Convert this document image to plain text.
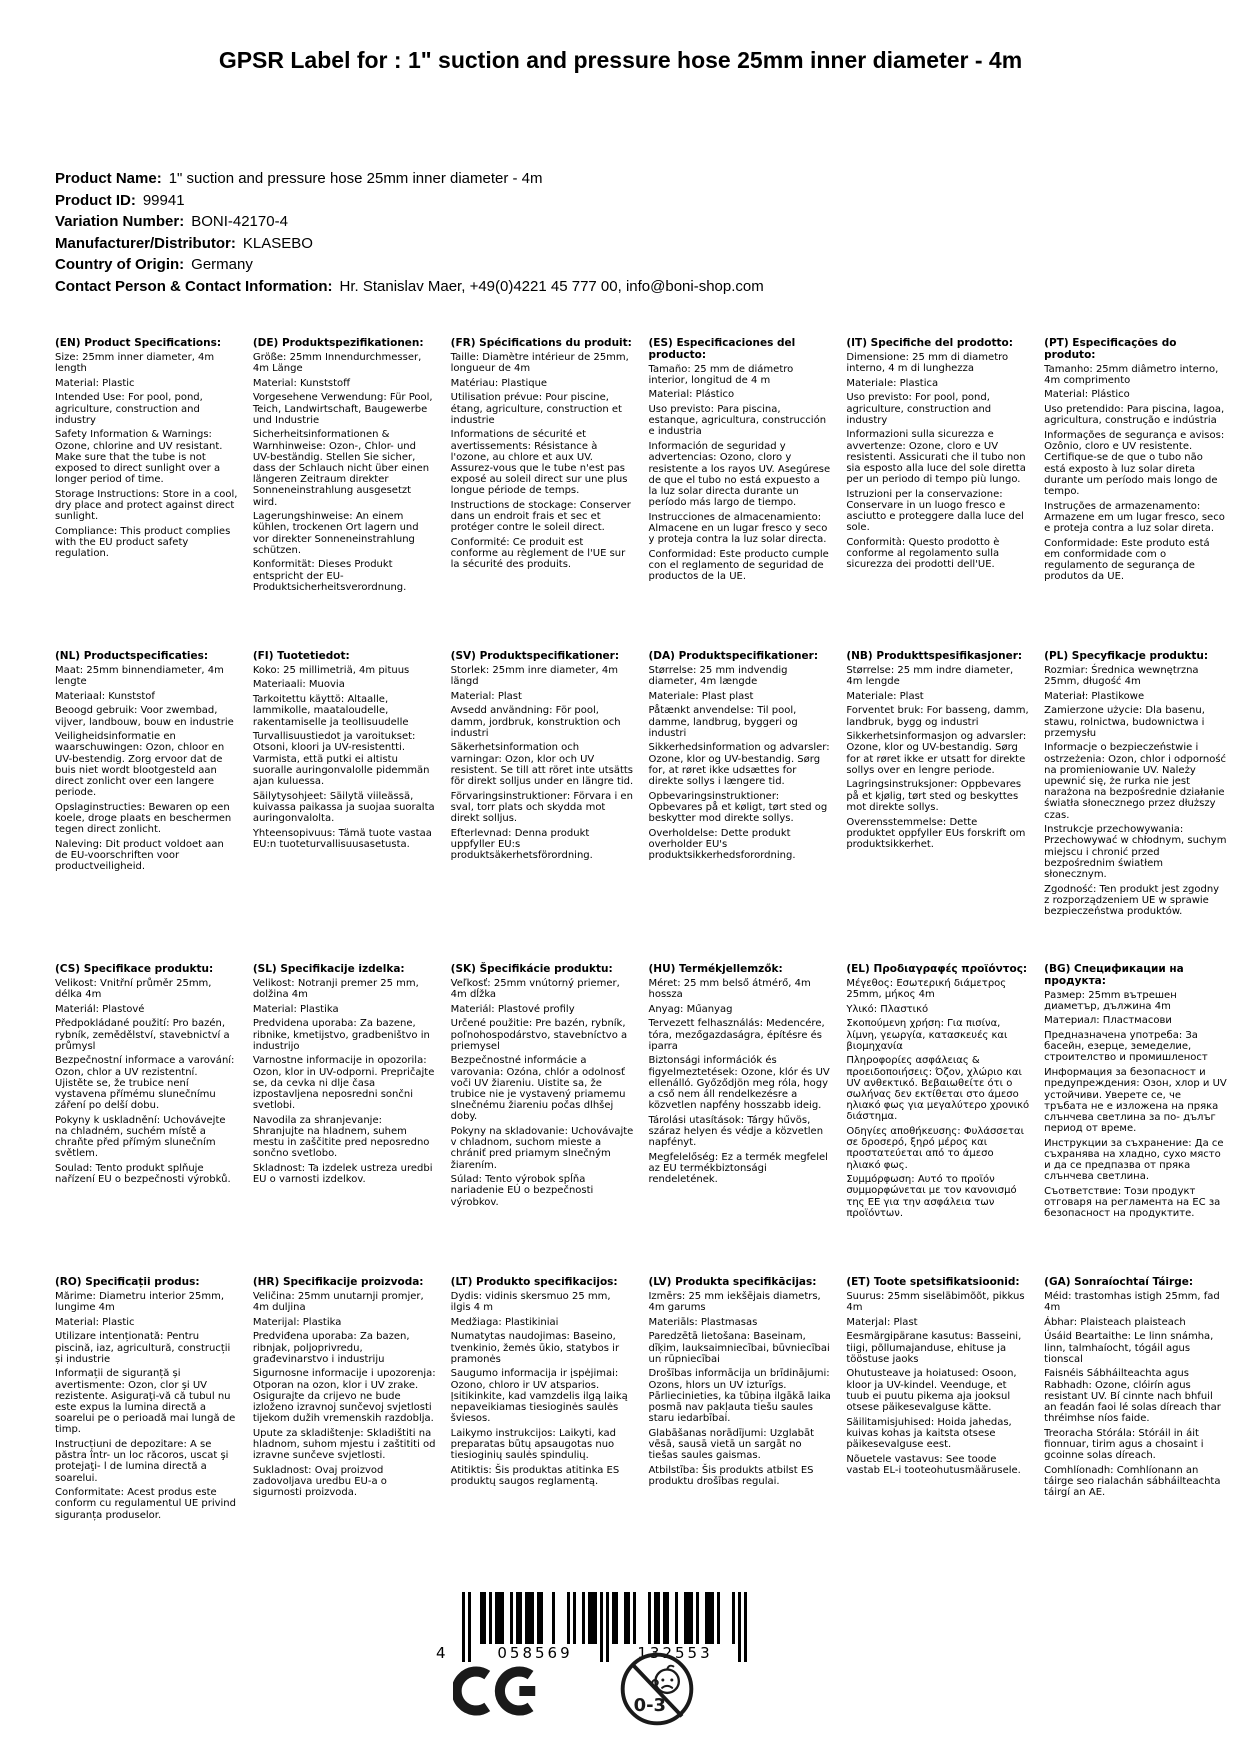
GPSR Label for : 1" suction and pressure hose 25mm inner diameter - 4m
Product Name: 1" suction and pressure hose 25mm inner diameter - 4m
Product ID: 99941
Variation Number: BONI-42170-4
Manufacturer/Distributor: KLASEBO
Country of Origin: Germany
Contact Person & Contact Information: Hr. Stanislav Maer, +49(0)4221 45 777 00, info@boni-shop.com
(EN) Product Specifications:

Size: 25mm inner diameter, 4m length

Material: Plastic

Intended Use: For pool, pond, agriculture, construction and industry

Safety Information & Warnings: Ozone, chlorine and UV resistant. Make sure that the tube is not exposed to direct sunlight over a longer period of time.

Storage Instructions: Store in a cool, dry place and protect against direct sunlight.

Compliance: This product complies with the EU product safety regulation.

(DE) Produktspezifikationen:

Größe: 25mm Innendurchmesser, 4m Länge

Material: Kunststoff

Vorgesehene Verwendung: Für Pool, Teich, Landwirtschaft, Baugewerbe und Industrie

Sicherheitsinformationen & Warnhinweise: Ozon-, Chlor- und UV-beständig. Stellen Sie sicher, dass der Schlauch nicht über einen längeren Zeitraum direkter Sonneneinstrahlung ausgesetzt wird.

Lagerungshinweise: An einem kühlen, trockenen Ort lagern und vor direkter Sonneneinstrahlung schützen.

Konformität: Dieses Produkt entspricht der EU-Produktsicherheitsverordnung.

(FR) Spécifications du produit:

Taille: Diamètre intérieur de 25mm, longueur de 4m

Matériau: Plastique

Utilisation prévue: Pour piscine, étang, agriculture, construction et industrie

Informations de sécurité et avertissements: Résistance à l'ozone, au chlore et aux UV. Assurez-vous que le tube n'est pas exposé au soleil direct sur une plus longue période de temps.

Instructions de stockage: Conserver dans un endroit frais et sec et protéger contre le soleil direct.

Conformité: Ce produit est conforme au règlement de l'UE sur la sécurité des produits.

(ES) Especificaciones del producto:

Tamaño: 25 mm de diámetro interior, longitud de 4 m

Material: Plástico

Uso previsto: Para piscina, estanque, agricultura, construcción e industria

Información de seguridad y advertencias: Ozono, cloro y resistente a los rayos UV. Asegúrese de que el tubo no está expuesto a la luz solar directa durante un período más largo de tiempo.

Instrucciones de almacenamiento: Almacene en un lugar fresco y seco y proteja contra la luz solar directa.

Conformidad: Este producto cumple con el reglamento de seguridad de productos de la UE.

(IT) Specifiche del prodotto:

Dimensione: 25 mm di diametro interno, 4 m di lunghezza

Materiale: Plastica

Uso previsto: For pool, pond, agriculture, construction and industry

Informazioni sulla sicurezza e avvertenze: Ozone, cloro e UV resistenti. Assicurati che il tubo non sia esposto alla luce del sole diretta per un periodo di tempo più lungo.

Istruzioni per la conservazione: Conservare in un luogo fresco e asciutto e proteggere dalla luce del sole.

Conformità: Questo prodotto è conforme al regolamento sulla sicurezza dei prodotti dell'UE.

(PT) Especificações do produto:

Tamanho: 25mm diâmetro interno, 4m comprimento

Material: Plástico

Uso pretendido: Para piscina, lagoa, agricultura, construção e indústria

Informações de segurança e avisos: Ozônio, cloro e UV resistente. Certifique-se de que o tubo não está exposto à luz solar direta durante um período mais longo de tempo.

Instruções de armazenamento: Armazene em um lugar fresco, seco e proteja contra a luz solar direta.

Conformidade: Este produto está em conformidade com o regulamento de segurança de produtos da UE.

(NL) Productspecificaties:

Maat: 25mm binnendiameter, 4m lengte

Materiaal: Kunststof

Beoogd gebruik: Voor zwembad, vijver, landbouw, bouw en industrie

Veiligheidsinformatie en waarschuwingen: Ozon, chloor en UV-bestendig. Zorg ervoor dat de buis niet wordt blootgesteld aan direct zonlicht over een langere periode.

Opslaginstructies: Bewaren op een koele, droge plaats en beschermen tegen direct zonlicht.

Naleving: Dit product voldoet aan de EU-voorschriften voor productveiligheid.

(FI) Tuotetiedot:

Koko: 25 millimetriä, 4m pituus

Materiaali: Muovia

Tarkoitettu käyttö: Altaalle, lammikolle, maataloudelle, rakentamiselle ja teollisuudelle

Turvallisuustiedot ja varoitukset: Otsoni, kloori ja UV-resistentti. Varmista, että putki ei altistu suoralle auringonvalolle pidemmän ajan kuluessa.

Säilytysohjeet: Säilytä viileässä, kuivassa paikassa ja suojaa suoralta auringonvalolta.

Yhteensopivuus: Tämä tuote vastaa EU:n tuoteturvallisuusasetusta.

(SV) Produktspecifikationer:

Storlek: 25mm inre diameter, 4m längd

Material: Plast

Avsedd användning: För pool, damm, jordbruk, konstruktion och industri

Säkerhetsinformation och varningar: Ozon, klor och UV resistent. Se till att röret inte utsätts för direkt solljus under en längre tid.

Förvaringsinstruktioner: Förvara i en sval, torr plats och skydda mot direkt solljus.

Efterlevnad: Denna produkt uppfyller EU:s produktsäkerhetsförordning.

(DA) Produktspecifikationer:

Størrelse: 25 mm indvendig diameter, 4m længde

Materiale: Plast plast

Påtænkt anvendelse: Til pool, damme, landbrug, byggeri og industri

Sikkerhedsinformation og advarsler: Ozone, klor og UV-bestandig. Sørg for, at røret ikke udsættes for direkte sollys i længere tid.

Opbevaringsinstruktioner: Opbevares på et køligt, tørt sted og beskytter mod direkte sollys.

Overholdelse: Dette produkt overholder EU's produktsikkerhedsforordning.

(NB) Produkttspesifikasjoner:

Størrelse: 25 mm indre diameter, 4m lengde

Materiale: Plast

Forventet bruk: For basseng, damm, landbruk, bygg og industri

Sikkerhetsinformasjon og advarsler: Ozone, klor og UV-bestandig. Sørg for at røret ikke er utsatt for direkte sollys over en lengre periode.

Lagringsinstruksjoner: Oppbevares på et kjølig, tørt sted og beskyttes mot direkte sollys.

Overensstemmelse: Dette produktet oppfyller EUs forskrift om produktsikkerhet.

(PL) Specyfikacje produktu:

Rozmiar: Średnica wewnętrzna 25mm, długość 4m

Materiał: Plastikowe

Zamierzone użycie: Dla basenu, stawu, rolnictwa, budownictwa i przemysłu

Informacje o bezpieczeństwie i ostrzeżenia: Ozon, chlor i odporność na promieniowanie UV. Należy upewnić się, że rurka nie jest narażona na bezpośrednie działanie światła słonecznego przez dłuższy czas.

Instrukcje przechowywania: Przechowywać w chłodnym, suchym miejscu i chronić przed bezpośrednim światłem słonecznym.

Zgodność: Ten produkt jest zgodny z rozporządzeniem UE w sprawie bezpieczeństwa produktów.

(CS) Specifikace produktu:

Velikost: Vnitřní průměr 25mm, délka 4m

Materiál: Plastové

Předpokládané použití: Pro bazén, rybník, zemědělství, stavebnictví a průmysl

Bezpečnostní informace a varování: Ozon, chlor a UV rezistentní. Ujistěte se, že trubice není vystavena přímému slunečnímu záření po delší dobu.

Pokyny k uskladnění: Uchovávejte na chladném, suchém místě a chraňte před přímým slunečním světlem.

Soulad: Tento produkt splňuje nařízení EU o bezpečnosti výrobků.

(SL) Specifikacije izdelka:

Velikost: Notranji premer 25 mm, dolžina 4m

Material: Plastika

Predvidena uporaba: Za bazene, ribnike, kmetijstvo, gradbeništvo in industrijo

Varnostne informacije in opozorila: Ozon, klor in UV-odporni. Prepričajte se, da cevka ni dlje časa izpostavljena neposredni sončni svetlobi.

Navodila za shranjevanje: Shranjujte na hladnem, suhem mestu in zaščitite pred neposredno sončno svetlobo.

Skladnost: Ta izdelek ustreza uredbi EU o varnosti izdelkov.

(SK) Špecifikácie produktu:

Veľkosť: 25mm vnútorný priemer, 4m dĺžka

Materiál: Plastové profily

Určené použitie: Pre bazén, rybník, poľnohospodárstvo, stavebníctvo a priemysel

Bezpečnostné informácie a varovania: Ozóna, chlór a odolnosť voči UV žiareniu. Uistite sa, že trubice nie je vystavený priamemu slnečnému žiareniu počas dlhšej doby.

Pokyny na skladovanie: Uchovávajte v chladnom, suchom mieste a chrániť pred priamym slnečným žiarením.

Súlad: Tento výrobok spĺňa nariadenie EÚ o bezpečnosti výrobkov.

(HU) Termékjellemzők:

Méret: 25 mm belső átmérő, 4m hossza

Anyag: Műanyag

Tervezett felhasználás: Medencére, tóra, mezőgazdaságra, építésre és iparra

Biztonsági információk és figyelmeztetések: Ozone, klór és UV ellenálló. Győződjön meg róla, hogy a cső nem áll rendelkezésre a közvetlen napfény hosszabb ideig.

Tárolási utasítások: Tárgy hűvös, száraz helyen és védje a közvetlen napfényt.

Megfelelőség: Ez a termék megfelel az EU termékbiztonsági rendeletének.

(EL) Προδιαγραφές προϊόντος:

Μέγεθος: Εσωτερική διάμετρος 25mm, μήκος 4m

Υλικό: Πλαστικό

Σκοπούμενη χρήση: Για πισίνα, λίμνη, γεωργία, κατασκευές και βιομηχανία

Πληροφορίες ασφάλειας & προειδοποιήσεις: Όζον, χλώριο και UV ανθεκτικό. Βεβαιωθείτε ότι ο σωλήνας δεν εκτίθεται στο άμεσο ηλιακό φως για μεγαλύτερο χρονικό διάστημα.

Οδηγίες αποθήκευσης: Φυλάσσεται σε δροσερό, ξηρό μέρος και προστατεύεται από το άμεσο ηλιακό φως.

Συμμόρφωση: Αυτό το προϊόν συμμορφώνεται με τον κανονισμό της ΕΕ για την ασφάλεια των προϊόντων.

(BG) Спецификации на продукта:

Размер: 25mm вътрешен диаметър, дължина 4m

Материал: Пластмасови

Предназначена употреба: За басейн, езерце, земеделие, строителство и промишленост

Информация за безопасност и предупреждения: Озон, хлор и UV устойчиви. Уверете се, че тръбата не е изложена на пряка слънчева светлина за по- дълъг период от време.

Инструкции за съхранение: Да се съхранява на хладно, сухо място и да се предпазва от пряка слънчева светлина.

Съответствие: Този продукт отговаря на регламента на ЕС за безопасност на продуктите.

(RO) Specificații produs:

Mărime: Diametru interior 25mm, lungime 4m

Material: Plastic

Utilizare intenționată: Pentru piscină, iaz, agricultură, construcții și industrie

Informații de siguranță și avertismente: Ozon, clor şi UV rezistente. Asiguraţi-vă că tubul nu este expus la lumina directă a soarelui pe o perioadă mai lungă de timp.

Instrucțiuni de depozitare: A se păstra într- un loc răcoros, uscat şi protejaţi- l de lumina directă a soarelui.

Conformitate: Acest produs este conform cu regulamentul UE privind siguranța produselor.

(HR) Specifikacije proizvoda:

Veličina: 25mm unutarnji promjer, 4m duljina

Materijal: Plastika

Predviđena uporaba: Za bazen, ribnjak, poljoprivredu, građevinarstvo i industriju

Sigurnosne informacije i upozorenja: Otporan na ozon, klor i UV zrake. Osigurajte da crijevo ne bude izloženo izravnoj sunčevoj svjetlosti tijekom dužih vremenskih razdoblja.

Upute za skladištenje: Skladištiti na hladnom, suhom mjestu i zaštititi od izravne sunčeve svjetlosti.

Sukladnost: Ovaj proizvod zadovoljava uredbu EU-a o sigurnosti proizvoda.

(LT) Produkto specifikacijos:

Dydis: vidinis skersmuo 25 mm, ilgis 4 m

Medžiaga: Plastikiniai

Numatytas naudojimas: Baseino, tvenkinio, žemės ūkio, statybos ir pramonės

Saugumo informacija ir įspėjimai: Ozono, chloro ir UV atsparios. Įsitikinkite, kad vamzdelis ilgą laiką nepaveikiamas tiesioginės saulės šviesos.

Laikymo instrukcijos: Laikyti, kad preparatas būtų apsaugotas nuo tiesioginių saulės spindulių.

Atitiktis: Šis produktas atitinka ES produktų saugos reglamentą.

(LV) Produkta specifikācijas:

Izmērs: 25 mm iekšējais diametrs, 4m garums

Materiāls: Plastmasas

Paredzētā lietošana: Baseinam, dīķim, lauksaimniecībai, būvniecībai un rūpniecībai

Drošības informācija un brīdinājumi: Ozons, hlors un UV izturīgs. Pārliecinieties, ka tūbiņa ilgākā laika posmā nav pakļauta tiešu saules staru iedarbībai.

Glabāšanas norādījumi: Uzglabāt vēsā, sausā vietā un sargāt no tiešas saules gaismas.

Atbilstība: Šis produkts atbilst ES produktu drošības regulai.

(ET) Toote spetsifikatsioonid:

Suurus: 25mm siseläbimõõt, pikkus 4m

Materjal: Plast

Eesmärgipärane kasutus: Basseini, tiigi, põllumajanduse, ehituse ja tööstuse jaoks

Ohutusteave ja hoiatused: Osoon, kloor ja UV-kindel. Veenduge, et tuub ei puutu pikema aja jooksul otsese päikesevalguse kätte.

Säilitamisjuhised: Hoida jahedas, kuivas kohas ja kaitsta otsese päikesevalguse eest.

Nõuetele vastavus: See toode vastab EL-i tooteohutusmäärusele.

(GA) Sonraíochtaí Táirge:

Méid: trastomhas istigh 25mm, fad 4m

Ábhar: Plaisteach plaisteach

Úsáid Beartaithe: Le linn snámha, linn, talmhaíocht, tógáil agus tionscal

Faisnéis Sábháilteachta agus Rabhadh: Ozone, clóirín agus resistant UV. Bí cinnte nach bhfuil an feadán faoi lé solas díreach thar thréimhse níos faide.

Treoracha Stórála: Stóráil in áit fionnuar, tirim agus a chosaint i gcoinne solas díreach.

Comhlíonadh: Comhlíonann an táirge seo rialachán sábháilteachta táirgí an AE.

4	058569	132553
0-3
